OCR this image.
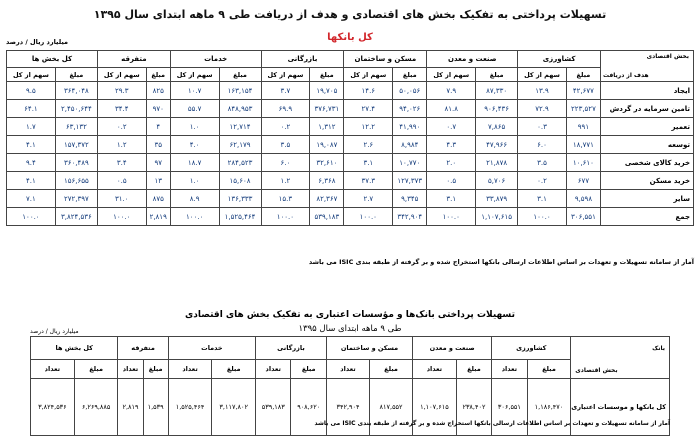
تسهیلات پرداختی به تفکیک بخش های اقتصادی و هدف از دریافت طی ۹ ماهه ابتدای سال ۱۳۹۵
کل بانکها
میلیارد ریال / درصد
بخش اقتصادی
هدف از دریافت	کشاورزی		صنعت و معدن		مسکن و ساختمان		بازرگانی		خدمات		متفرقه		کل بخش ها	
	مبلغ	سهم از کل	مبلغ	سهم از کل	مبلغ	سهم از کل	مبلغ	سهم از کل	مبلغ	سهم از کل	مبلغ	سهم از کل	مبلغ	سهم از کل
ایجاد	۴۲,۶۷۷	۱۳.۹	۸۷,۳۳۰	۷.۹	۵۰,۰۵۶	۱۴.۶	۱۹,۷۰۵	۳.۷	۱۶۳,۱۵۴	۱۰.۷	۸۲۵	۲۹.۳	۳۶۴,۰۴۸	۹.۵
تامین سرمایه در گردش	۲۲۳,۵۲۷	۷۲.۹	۹۰۶,۴۳۶	۸۱.۸	۹۴,۰۲۶	۲۷.۴	۳۷۶,۷۳۱	۶۹.۹	۸۴۸,۹۵۳	۵۵.۷	۹۷۰	۳۴.۴	۲,۴۵۰,۶۴۴	۶۴.۱
تعمیر	۹۹۱	۰.۳	۷,۸۶۵	۰.۷	۴۱,۹۹۰	۱۲.۲	۱,۳۱۲	۰.۲	۱۲,۷۱۴	۱.۰	۴	۰.۲	۶۳,۱۳۲	۱.۷
توسعه	۱۸,۷۷۱	۶.۰	۴۷,۹۶۶	۴.۳	۸,۹۸۴	۲.۶	۱۹,۰۸۷	۳.۵	۶۲,۱۷۹	۴.۰	۳۵	۱.۲	۱۵۷,۳۷۲	۴.۱
خرید کالای شخصی	۱۰,۶۱۰	۳.۵	۲۱,۸۷۸	۲.۰	۱۰,۷۷۰	۳.۱	۳۲,۶۱۰	۶.۰	۲۸۴,۵۲۳	۱۸.۷	۹۷	۳.۴	۳۶۰,۴۸۹	۹.۴
خرید مسکن	۶۷۷	۰.۲	۵,۷۰۶	۰.۵	۱۲۷,۳۷۳	۳۷.۳	۶,۳۶۸	۱.۲	۱۵,۶۰۸	۱.۰	۱۳	۰.۵	۱۵۶,۶۵۵	۴.۱
سایر	۹,۵۹۸	۳.۱	۳۳,۸۷۹	۳.۱	۹,۳۴۵	۲.۷	۸۲,۳۶۷	۱۵.۳	۱۳۶,۳۳۳	۸.۹	۸۷۵	۳۱.۰	۲۷۲,۳۹۷	۷.۱
جمع	۳۰۶,۵۵۱	۱۰۰.۰	۱,۱۰۷,۶۱۵	۱۰۰.۰	۳۴۲,۹۰۴	۱۰۰.۰	۵۳۹,۱۸۳	۱۰۰.۰	۱,۵۲۵,۴۶۴	۱۰۰.۰	۲,۸۱۹	۱۰۰.۰	۳,۸۲۴,۵۳۶	۱۰۰.۰
آمار از سامانه تسهیلات و تعهدات بر اساس اطلاعات ارسالی بانکها استخراج شده و بر گرفته از طبقه بندی ISIC می باشد
تسهیلات پرداختی بانک‌ها و مؤسسات اعتباری به تفکیک بخش های اقتصادی
طی ۹ ماهه ابتدای سال ۱۳۹۵
میلیارد ریال / درصد
بخش اقتصادی
بانک	کشاورزی		صنعت و معدن		مسکن و ساختمان		بازرگانی		خدمات		متفرقه		کل بخش ها	
	مبلغ	تعداد	مبلغ	تعداد	مبلغ	تعداد	مبلغ	تعداد	مبلغ	تعداد	مبلغ	تعداد	مبلغ	تعداد
کل بانکها و موسسات اعتباری	۱,۱۸۶,۴۷۰	۳۰۶,۵۵۱	۲۳۸,۴۰۲	۱,۱۰۷,۶۱۵	۸۱۷,۵۵۲	۳۴۲,۹۰۴	۹۰۸,۶۲۰	۵۳۹,۱۸۳	۳,۱۱۷,۸۰۲	۱,۵۲۵,۴۶۴	۱,۵۳۹	۲,۸۱۹	۶,۲۶۹,۸۸۵	۳,۸۲۴,۵۳۶
آمار از سامانه تسهیلات و تعهدات بر اساس اطلاعات ارسالی بانکها استخراج شده و بر گرفته از طبقه بندی ISIC می باشد
